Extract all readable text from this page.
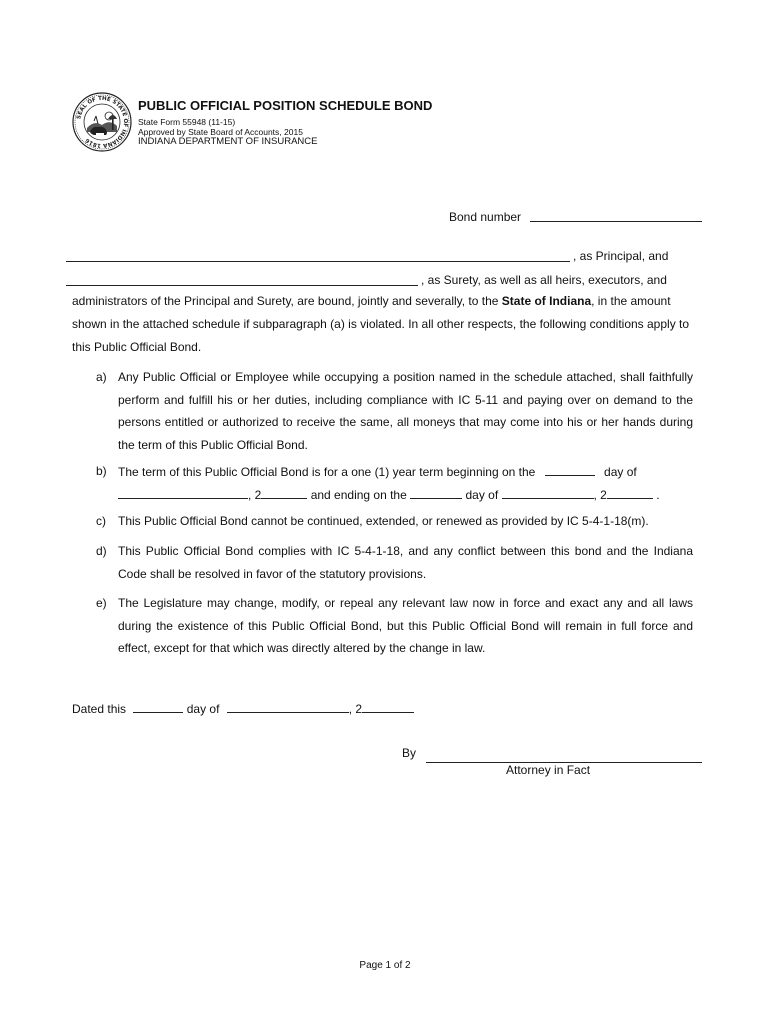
SEAL OF THE STATE OF INDIANA 1816
PUBLIC OFFICIAL POSITION SCHEDULE BOND
State Form 55948 (11-15)
Approved by State Board of Accounts, 2015
INDIANA DEPARTMENT OF INSURANCE
Bond number
, as Principal, and
, as Surety, as well as all heirs, executors, and
administrators of the Principal and Surety, are bound, jointly and severally, to the State of Indiana, in the amount shown in the attached schedule if subparagraph (a) is violated. In all other respects, the following conditions apply to this Public Official Bond.
a) Any Public Official or Employee while occupying a position named in the schedule attached, shall faithfully perform and fulfill his or her duties, including compliance with IC 5-11 and paying over on demand to the persons entitled or authorized to receive the same, all moneys that may come into his or her hands during the term of this Public Official Bond.
b) The term of this Public Official Bond is for a one (1) year term beginning on the	day of
, 2	and ending on the	day of	, 2	.
c) This Public Official Bond cannot be continued, extended, or renewed as provided by IC 5-4-1-18(m).
d) This Public Official Bond complies with IC 5-4-1-18, and any conflict between this bond and the Indiana Code shall be resolved in favor of the statutory provisions.
e) The Legislature may change, modify, or repeal any relevant law now in force and exact any and all laws during the existence of this Public Official Bond, but this Public Official Bond will remain in full force and effect, except for that which was directly altered by the change in law.
Dated this	day of	, 2
By
Attorney in Fact
Page 1 of 2
